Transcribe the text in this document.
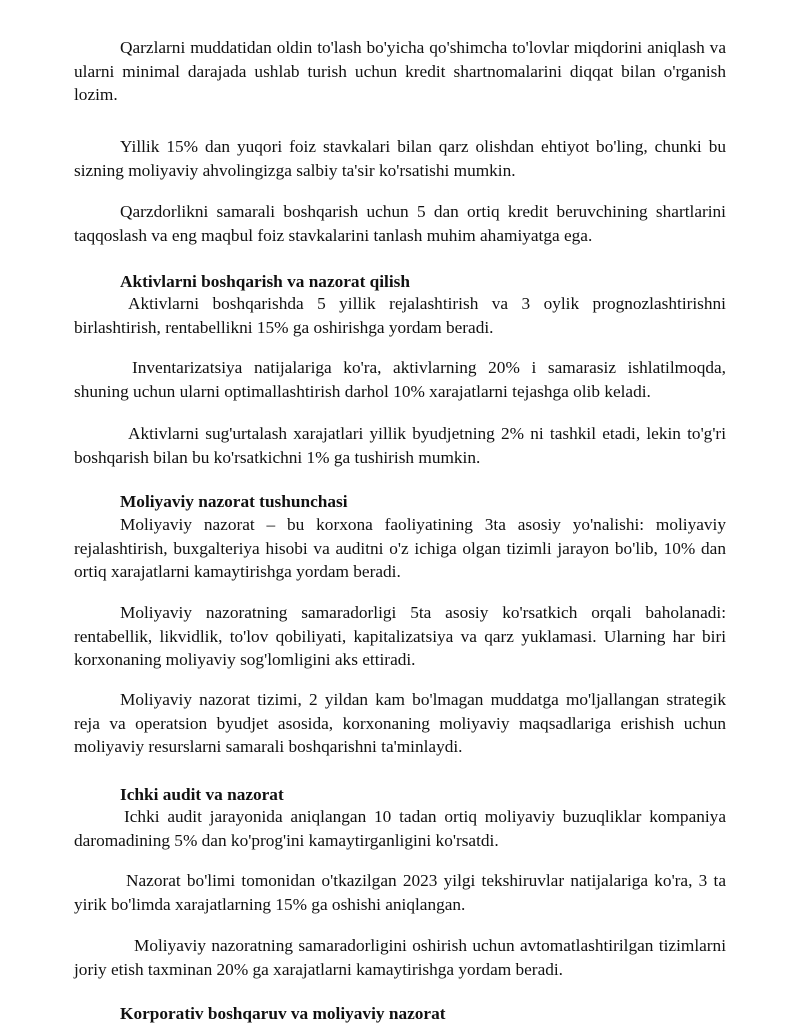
Qarzlarni muddatidan oldin to'lash bo'yicha qo'shimcha to'lovlar miqdorini aniqlash va ularni minimal darajada ushlab turish uchun kredit shartnomalarini diqqat bilan o'rganish lozim.

Yillik 15% dan yuqori foiz stavkalari bilan qarz olishdan ehtiyot bo'ling, chunki bu sizning moliyaviy ahvolingizga salbiy ta'sir ko'rsatishi mumkin.

Qarzdorlikni samarali boshqarish uchun 5 dan ortiq kredit beruvchining shartlarini taqqoslash va eng maqbul foiz stavkalarini tanlash muhim ahamiyatga ega.

Aktivlarni boshqarish va nazorat qilish

Aktivlarni boshqarishda 5 yillik rejalashtirish va 3 oylik prognozlashtirishni birlashtirish, rentabellikni 15% ga oshirishga yordam beradi.

Inventarizatsiya natijalariga ko'ra, aktivlarning 20% i samarasiz ishlatilmoqda, shuning uchun ularni optimallashtirish darhol 10% xarajatlarni tejashga olib keladi.

Aktivlarni sug'urtalash xarajatlari yillik byudjetning 2% ni tashkil etadi, lekin to'g'ri boshqarish bilan bu ko'rsatkichni 1% ga tushirish mumkin.

Moliyaviy nazorat tushunchasi

Moliyaviy nazorat – bu korxona faoliyatining 3ta asosiy yo'nalishi: moliyaviy rejalashtirish, buxgalteriya hisobi va auditni o'z ichiga olgan tizimli jarayon bo'lib, 10% dan ortiq xarajatlarni kamaytirishga yordam beradi.

Moliyaviy nazoratning samaradorligi 5ta asosiy ko'rsatkich orqali baholanadi: rentabellik, likvidlik, to'lov qobiliyati, kapitalizatsiya va qarz yuklamasi. Ularning har biri korxonaning moliyaviy sog'lomligini aks ettiradi.

Moliyaviy nazorat tizimi, 2 yildan kam bo'lmagan muddatga mo'ljallangan strategik reja va operatsion byudjet asosida, korxonaning moliyaviy maqsadlariga erishish uchun moliyaviy resurslarni samarali boshqarishni ta'minlaydi.

Ichki audit va nazorat

Ichki audit jarayonida aniqlangan 10 tadan ortiq moliyaviy buzuqliklar kompaniya daromadining 5% dan ko'prog'ini kamaytirganligini ko'rsatdi.

Nazorat bo'limi tomonidan o'tkazilgan 2023 yilgi tekshiruvlar natijalariga ko'ra, 3 ta yirik bo'limda xarajatlarning 15% ga oshishi aniqlangan.

Moliyaviy nazoratning samaradorligini oshirish uchun avtomatlashtirilgan tizimlarni joriy etish taxminan 20% ga xarajatlarni kamaytirishga yordam beradi.

Korporativ boshqaruv va moliyaviy nazorat
